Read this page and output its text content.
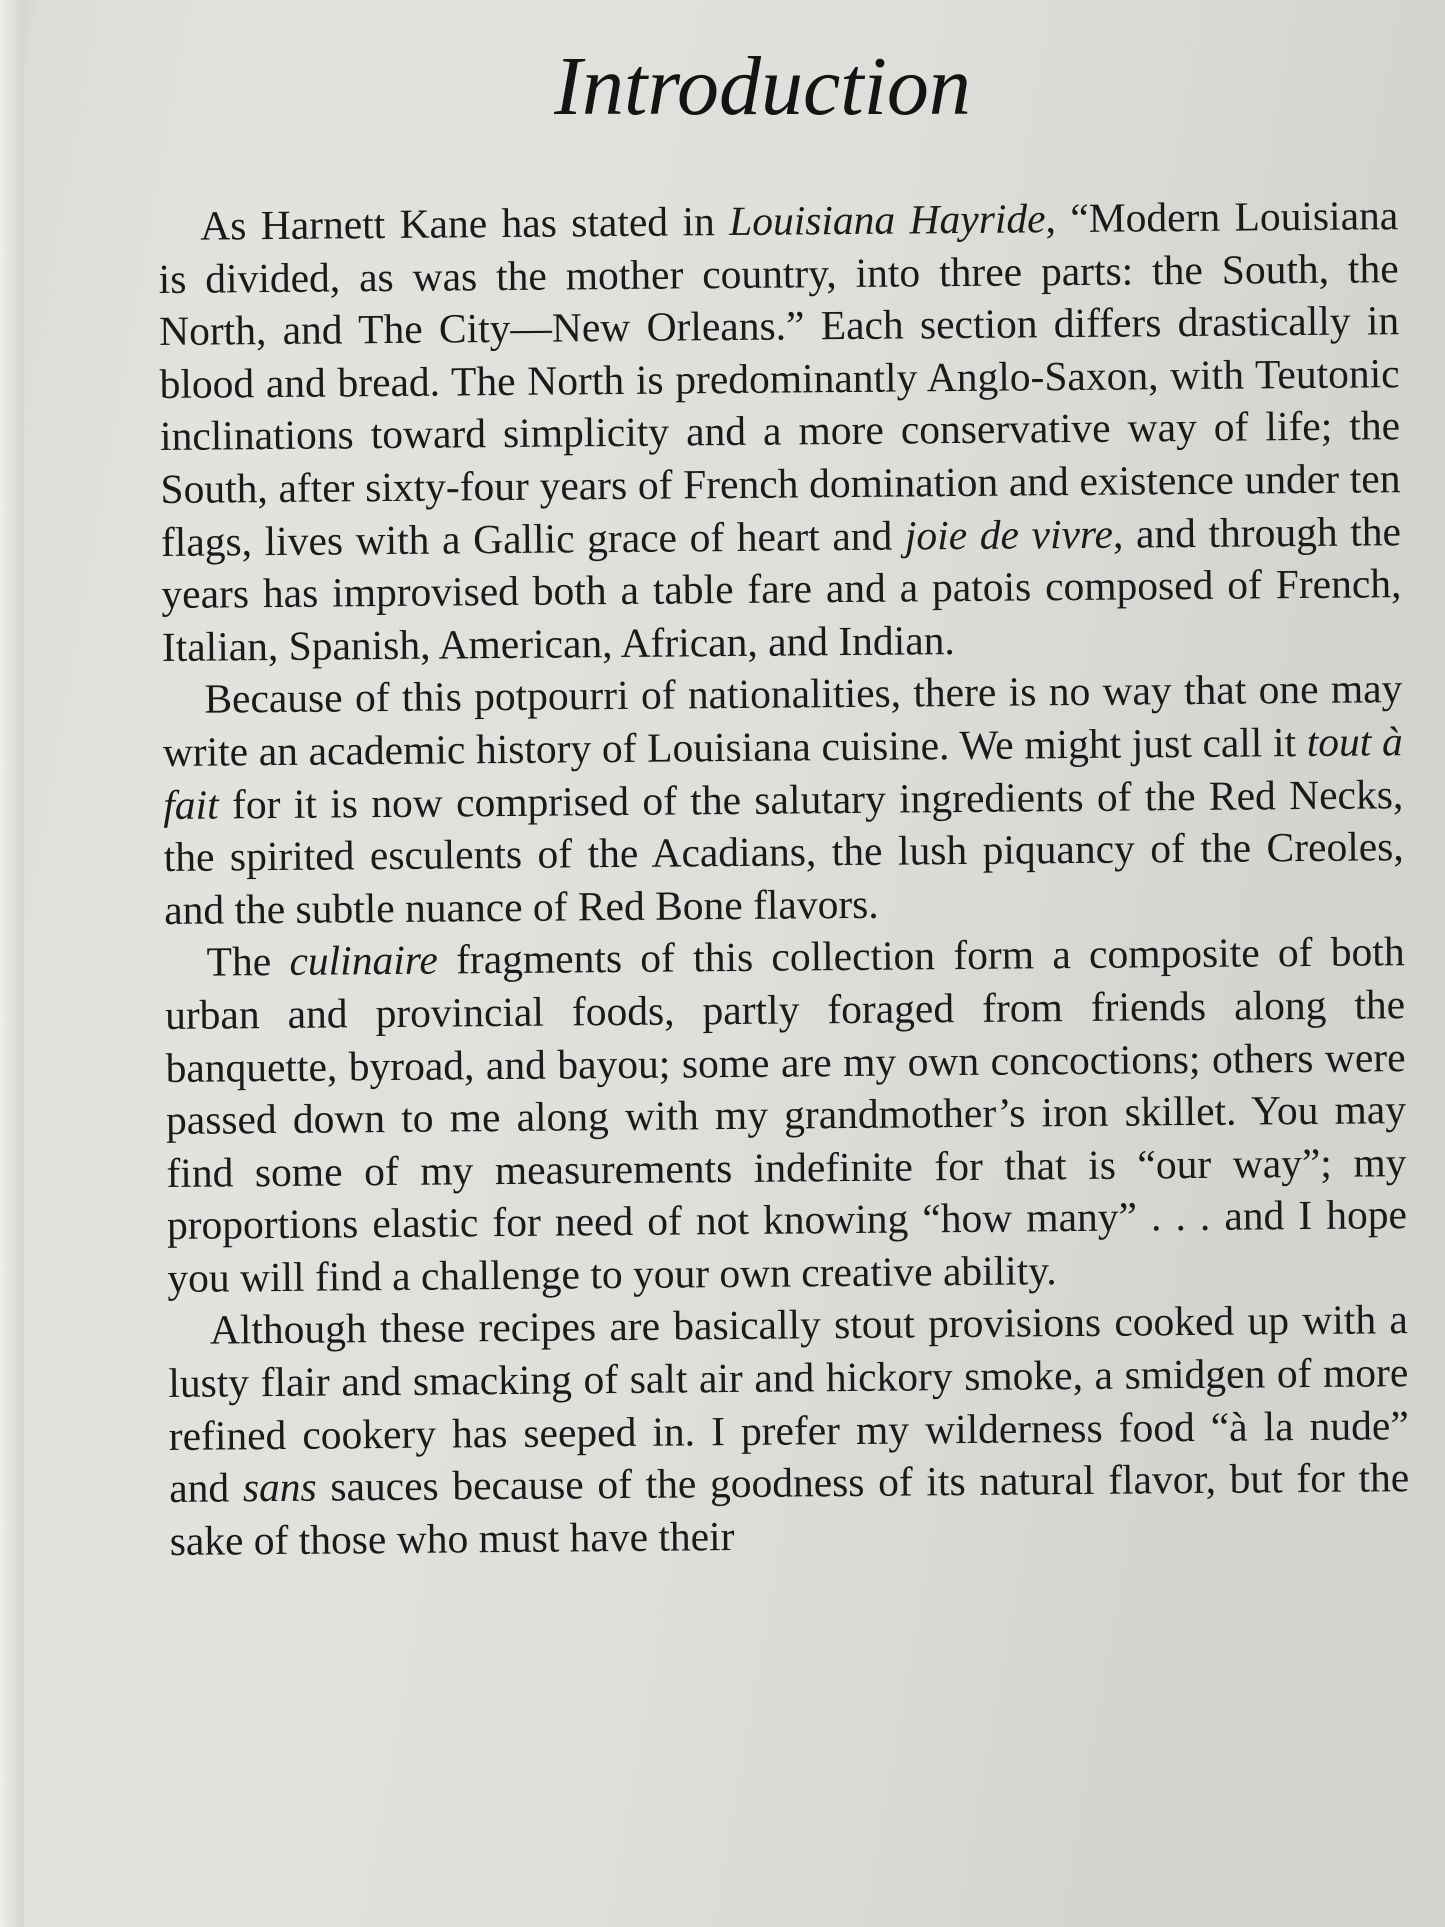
Introduction

As Harnett Kane has stated in Louisiana Hayride, “Modern Louisiana is divided, as was the mother country, into three parts: the South, the North, and The City—New Orleans.” Each section differs drastically in blood and bread. The North is predominantly Anglo-Saxon, with Teutonic inclinations toward simplicity and a more conservative way of life; the South, after sixty-four years of French domination and existence under ten flags, lives with a Gallic grace of heart and joie de vivre, and through the years has improvised both a table fare and a patois composed of French, Italian, Spanish, American, African, and Indian.

Because of this potpourri of nationalities, there is no way that one may write an academic history of Louisiana cuisine. We might just call it tout à fait for it is now comprised of the salutary ingredients of the Red Necks, the spirited esculents of the Acadians, the lush piquancy of the Creoles, and the subtle nuance of Red Bone flavors.

The culinaire fragments of this collection form a composite of both urban and provincial foods, partly foraged from friends along the banquette, byroad, and bayou; some are my own concoctions; others were passed down to me along with my grandmother’s iron skillet. You may find some of my measurements indefinite for that is “our way”; my proportions elastic for need of not knowing “how many” . . . and I hope you will find a challenge to your own creative ability.

Although these recipes are basically stout provisions cooked up with a lusty flair and smacking of salt air and hickory smoke, a smidgen of more refined cookery has seeped in. I prefer my wilderness food “à la nude” and sans sauces because of the goodness of its natural flavor, but for the sake of those who must have their
